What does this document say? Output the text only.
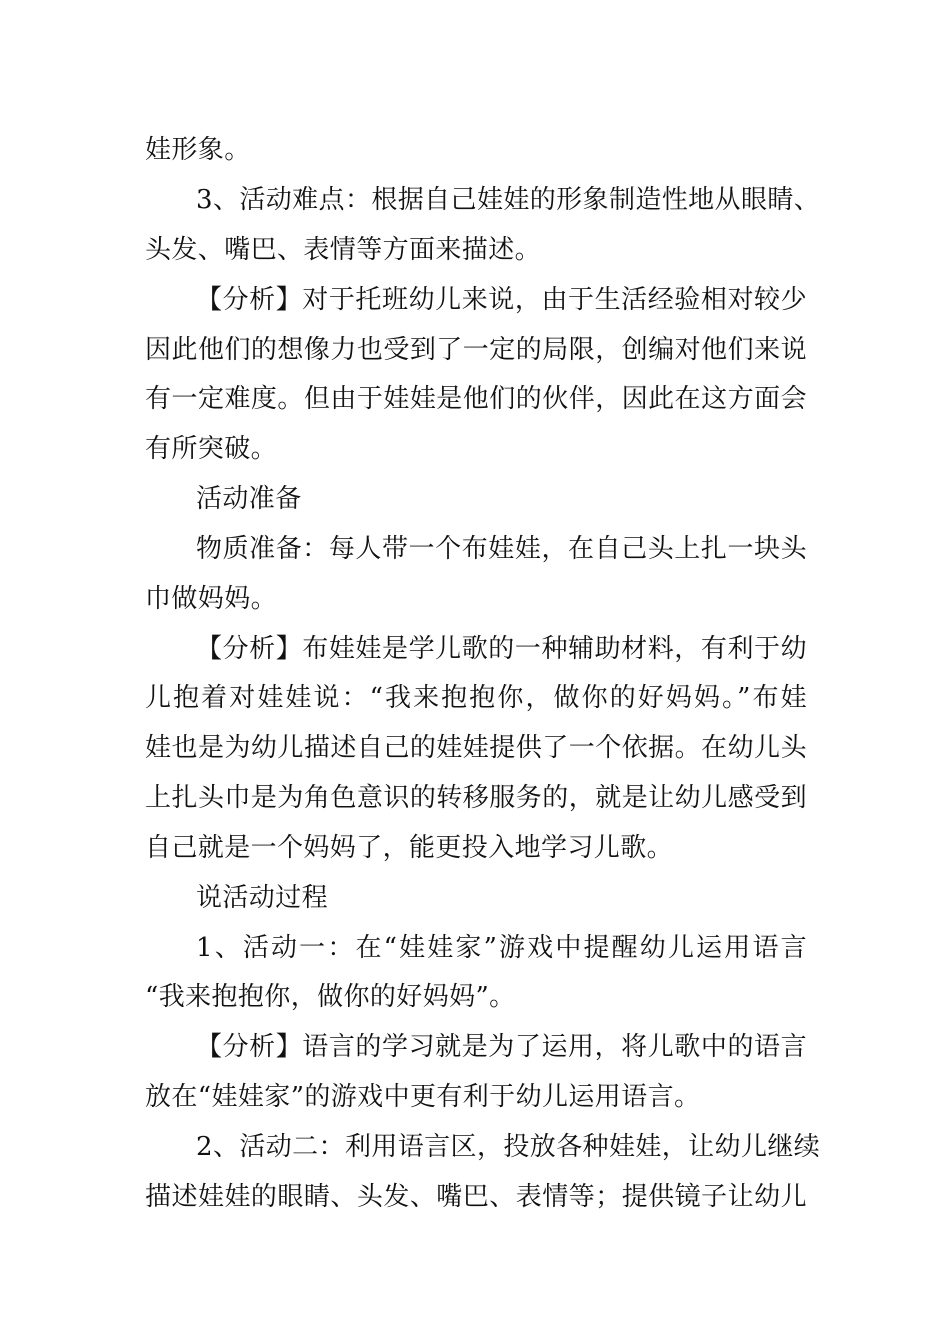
娃形象。
3、活动难点：根据自己娃娃的形象制造性地从眼睛、
头发、嘴巴、表情等方面来描述。
【分析】对于托班幼儿来说，由于生活经验相对较少
因此他们的想像力也受到了一定的局限，创编对他们来说
有一定难度。但由于娃娃是他们的伙伴，因此在这方面会
有所突破。
活动准备
物质准备：每人带一个布娃娃，在自己头上扎一块头
巾做妈妈。
【分析】布娃娃是学儿歌的一种辅助材料，有利于幼
儿抱着对娃娃说：“我来抱抱你，做你的好妈妈。”布娃
娃也是为幼儿描述自己的娃娃提供了一个依据。在幼儿头
上扎头巾是为角色意识的转移服务的，就是让幼儿感受到
自己就是一个妈妈了，能更投入地学习儿歌。
说活动过程
1、活动一：在“娃娃家”游戏中提醒幼儿运用语言
“我来抱抱你，做你的好妈妈”。
【分析】语言的学习就是为了运用，将儿歌中的语言
放在“娃娃家”的游戏中更有利于幼儿运用语言。
2、活动二：利用语言区，投放各种娃娃，让幼儿继续
描述娃娃的眼睛、头发、嘴巴、表情等；提供镜子让幼儿
